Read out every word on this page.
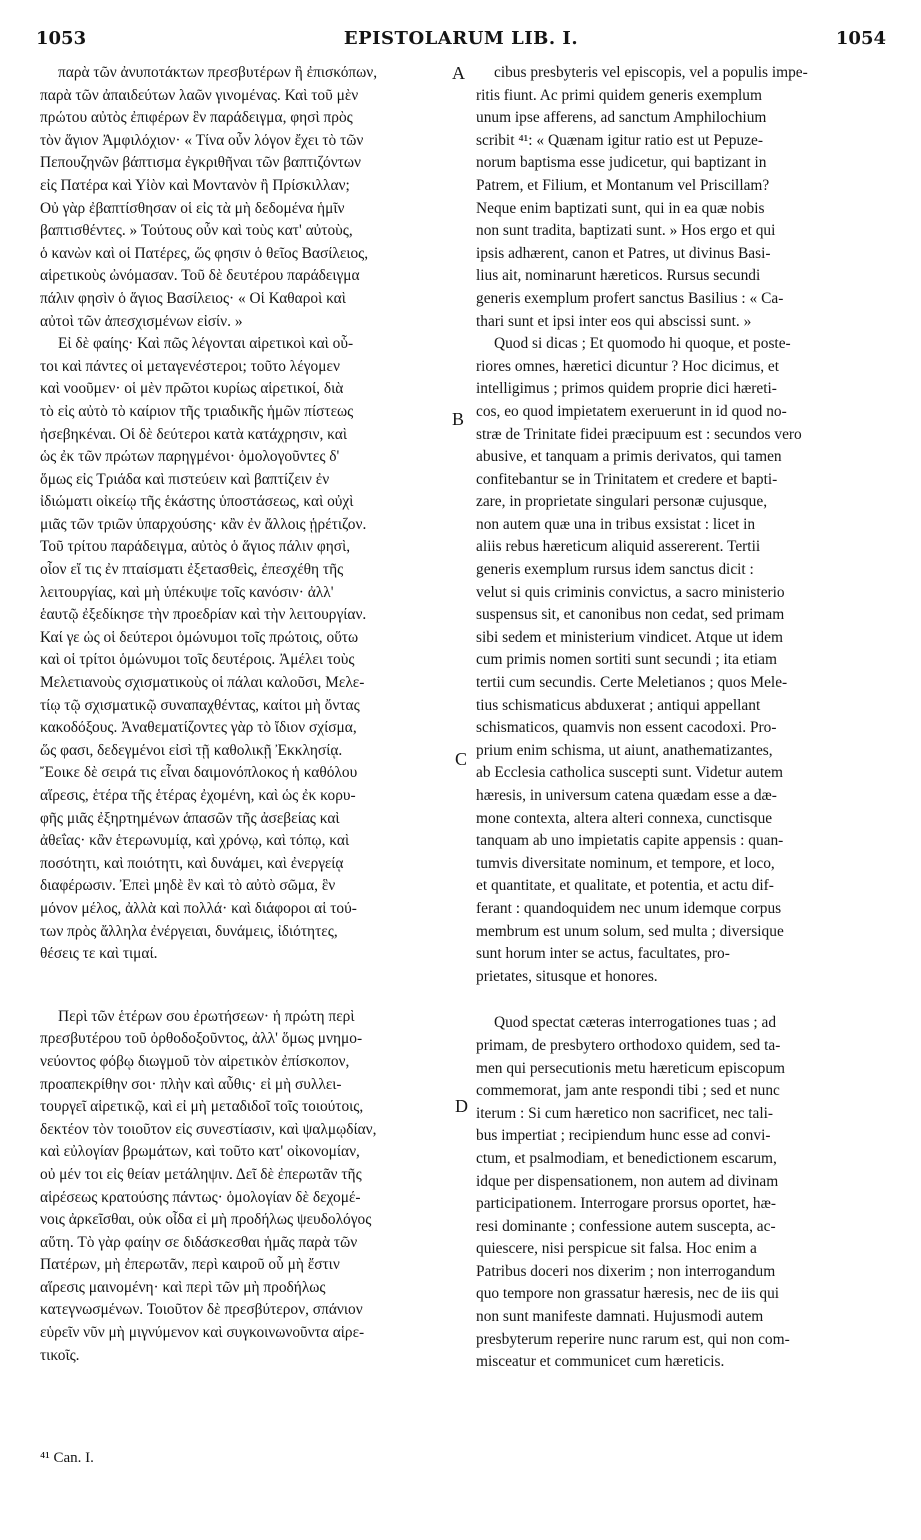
1053	EPISTOLARUM LIB. I.	1054
παρὰ τῶν ἀνυποτάκτων πρεσβυτέρων ἢ ἐπισκόπων,
παρὰ τῶν ἀπαιδεύτων λαῶν γινομένας. Καὶ τοῦ μὲν
πρώτου αὐτὸς ἐπιφέρων ἓν παράδειγμα, φησὶ πρὸς
τὸν ἅγιον Ἀμφιλόχιον· « Τίνα οὖν λόγον ἔχει τὸ τῶν
Πεπουζηνῶν βάπτισμα ἐγκριθῆναι τῶν βαπτιζόντων
εἰς Πατέρα καὶ Υἱὸν καὶ Μοντανὸν ἢ Πρίσκιλλαν;
Οὐ γὰρ ἐβαπτίσθησαν οἱ εἰς τὰ μὴ δεδομένα ἡμῖν
βαπτισθέντες. » Τούτους οὖν καὶ τοὺς κατ' αὐτοὺς,
ὁ κανὼν καὶ οἱ Πατέρες, ὥς φησιν ὁ θεῖος Βασίλειος,
αἱρετικοὺς ὠνόμασαν. Τοῦ δὲ δευτέρου παράδειγμα
πάλιν φησὶν ὁ ἅγιος Βασίλειος· « Οἱ Καθαροὶ καὶ
αὐτοὶ τῶν ἀπεσχισμένων εἰσίν. »
Εἰ δὲ φαίης· Καὶ πῶς λέγονται αἱρετικοὶ καὶ οὗ-
τοι καὶ πάντες οἱ μεταγενέστεροι; τοῦτο λέγομεν
καὶ νοοῦμεν· οἱ μὲν πρῶτοι κυρίως αἱρετικοί, διὰ
τὸ εἰς αὐτὸ τὸ καίριον τῆς τριαδικῆς ἡμῶν πίστεως
ἠσεβηκέναι. Οἱ δὲ δεύτεροι κατὰ κατάχρησιν, καὶ
ὡς ἐκ τῶν πρώτων παρηγμένοι· ὁμολογοῦντες δ'
ὅμως εἰς Τριάδα καὶ πιστεύειν καὶ βαπτίζειν ἐν
ἰδιώματι οἰκείῳ τῆς ἑκάστης ὑποστάσεως, καὶ οὐχὶ
μιᾶς τῶν τριῶν ὑπαρχούσης· κἂν ἐν ἄλλοις ᾑρέτιζον.
Τοῦ τρίτου παράδειγμα, αὐτὸς ὁ ἅγιος πάλιν φησὶ,
οἷον εἴ τις ἐν πταίσματι ἐξετασθεὶς, ἐπεσχέθη τῆς
λειτουργίας, καὶ μὴ ὑπέκυψε τοῖς κανόσιν· ἀλλ'
ἑαυτῷ ἐξεδίκησε τὴν προεδρίαν καὶ τὴν λειτουργίαν.
Καί γε ὡς οἱ δεύτεροι ὁμώνυμοι τοῖς πρώτοις, οὕτω
καὶ οἱ τρίτοι ὁμώνυμοι τοῖς δευτέροις. Ἀμέλει τοὺς
Μελετιανοὺς σχισματικοὺς οἱ πάλαι καλοῦσι, Μελε-
τίῳ τῷ σχισματικῷ συναπαχθέντας, καίτοι μὴ ὄντας
κακοδόξους. Ἀναθεματίζοντες γὰρ τὸ ἴδιον σχίσμα,
ὥς φασι, δεδεγμένοι εἰσὶ τῇ καθολικῇ Ἐκκλησίᾳ.
Ἔοικε δὲ σειρά τις εἶναι δαιμονόπλοκος ἡ καθόλου
αἵρεσις, ἑτέρα τῆς ἑτέρας ἐχομένη, καὶ ὡς ἐκ κορυ-
φῆς μιᾶς ἐξηρτημένων ἁπασῶν τῆς ἀσεβείας καὶ
ἀθεΐας· κἂν ἑτερωνυμίᾳ, καὶ χρόνῳ, καὶ τόπῳ, καὶ
ποσότητι, καὶ ποιότητι, καὶ δυνάμει, καὶ ἐνεργείᾳ
διαφέρωσιν. Ἐπεὶ μηδὲ ἓν καὶ τὸ αὐτὸ σῶμα, ἓν
μόνον μέλος, ἀλλὰ καὶ πολλά· καὶ διάφοροι αἱ τού-
των πρὸς ἄλληλα ἐνέργειαι, δυνάμεις, ἰδιότητες,
θέσεις τε καὶ τιμαί.
Περὶ τῶν ἑτέρων σου ἐρωτήσεων· ἡ πρώτη περὶ
πρεσβυτέρου τοῦ ὀρθοδοξοῦντος, ἀλλ' ὅμως μνημο-
νεύοντος φόβῳ διωγμοῦ τὸν αἱρετικὸν ἐπίσκοπον,
προαπεκρίθην σοι· πλὴν καὶ αὖθις· εἰ μὴ συλλει-
τουργεῖ αἱρετικῷ, καὶ εἰ μὴ μεταδιδοῖ τοῖς τοιούτοις,
δεκτέον τὸν τοιοῦτον εἰς συνεστίασιν, καὶ ψαλμῳδίαν,
καὶ εὐλογίαν βρωμάτων, καὶ τοῦτο κατ' οἰκονομίαν,
οὐ μέν τοι εἰς θείαν μετάληψιν. Δεῖ δὲ ἐπερωτᾶν τῆς
αἱρέσεως κρατούσης πάντως· ὁμολογίαν δὲ δεχομέ-
νοις ἀρκεῖσθαι, οὐκ οἶδα εἰ μὴ προδήλως ψευδολόγος
αὕτη. Τὸ γὰρ φαίην σε διδάσκεσθαι ἡμᾶς παρὰ τῶν
Πατέρων, μὴ ἐπερωτᾶν, περὶ καιροῦ οὗ μὴ ἔστιν
αἵρεσις μαινομένη· καὶ περὶ τῶν μὴ προδήλως
κατεγνωσμένων. Τοιοῦτον δὲ πρεσβύτερον, σπάνιον
εὑρεῖν νῦν μὴ μιγνύμενον καὶ συγκοινωνοῦντα αἱρε-
τικοῖς.
cibus presbyteris vel episcopis, vel a populis impe-
ritis fiunt. Ac primi quidem generis exemplum
unum ipse afferens, ad sanctum Amphilochium
scribit ⁴¹: « Quænam igitur ratio est ut Pepuze-
norum baptisma esse judicetur, qui baptizant in
Patrem, et Filium, et Montanum vel Priscillam?
Neque enim baptizati sunt, qui in ea quæ nobis
non sunt tradita, baptizati sunt. » Hos ergo et qui
ipsis adhærent, canon et Patres, ut divinus Basi-
lius ait, nominarunt hæreticos. Rursus secundi
generis exemplum profert sanctus Basilius : « Ca-
thari sunt et ipsi inter eos qui abscissi sunt. »
Quod si dicas ; Et quomodo hi quoque, et poste-
riores omnes, hæretici dicuntur ? Hoc dicimus, et
intelligimus ; primos quidem proprie dici hæreti-
cos, eo quod impietatem exeruerunt in id quod no-
stræ de Trinitate fidei præcipuum est : secundos vero
abusive, et tanquam a primis derivatos, qui tamen
confitebantur se in Trinitatem et credere et bapti-
zare, in proprietate singulari personæ cujusque,
non autem quæ una in tribus exsistat : licet in
aliis rebus hæreticum aliquid assererent. Tertii
generis exemplum rursus idem sanctus dicit :
velut si quis criminis convictus, a sacro ministerio
suspensus sit, et canonibus non cedat, sed primam
sibi sedem et ministerium vindicet. Atque ut idem
cum primis nomen sortiti sunt secundi ; ita etiam
tertii cum secundis. Certe Meletianos ; quos Mele-
tius schismaticus abduxerat ; antiqui appellant
schismaticos, quamvis non essent cacodoxi. Pro-
prium enim schisma, ut aiunt, anathematizantes,
ab Ecclesia catholica suscepti sunt. Videtur autem
hæresis, in universum catena quædam esse a dæ-
mone contexta, altera alteri connexa, cunctisque
tanquam ab uno impietatis capite appensis : quan-
tumvis diversitate nominum, et tempore, et loco,
et quantitate, et qualitate, et potentia, et actu dif-
ferant : quandoquidem nec unum idemque corpus
membrum est unum solum, sed multa ; diversique
sunt horum inter se actus, facultates, pro-
prietates, situsque et honores.
Quod spectat cæteras interrogationes tuas ; ad
primam, de presbytero orthodoxo quidem, sed ta-
men qui persecutionis metu hæreticum episcopum
commemorat, jam ante respondi tibi ; sed et nunc
iterum : Si cum hæretico non sacrificet, nec tali-
bus impertiat ; recipiendum hunc esse ad convi-
ctum, et psalmodiam, et benedictionem escarum,
idque per dispensationem, non autem ad divinam
participationem. Interrogare prorsus oportet, hæ-
resi dominante ; confessione autem suscepta, ac-
quiescere, nisi perspicue sit falsa. Hoc enim a
Patribus doceri nos dixerim ; non interrogandum
quo tempore non grassatur hæresis, nec de iis qui
non sunt manifeste damnati. Hujusmodi autem
presbyterum reperire nunc rarum est, qui non com-
misceatur et communicet cum hæreticis.
A
B
C
D
⁴¹ Can. I.
